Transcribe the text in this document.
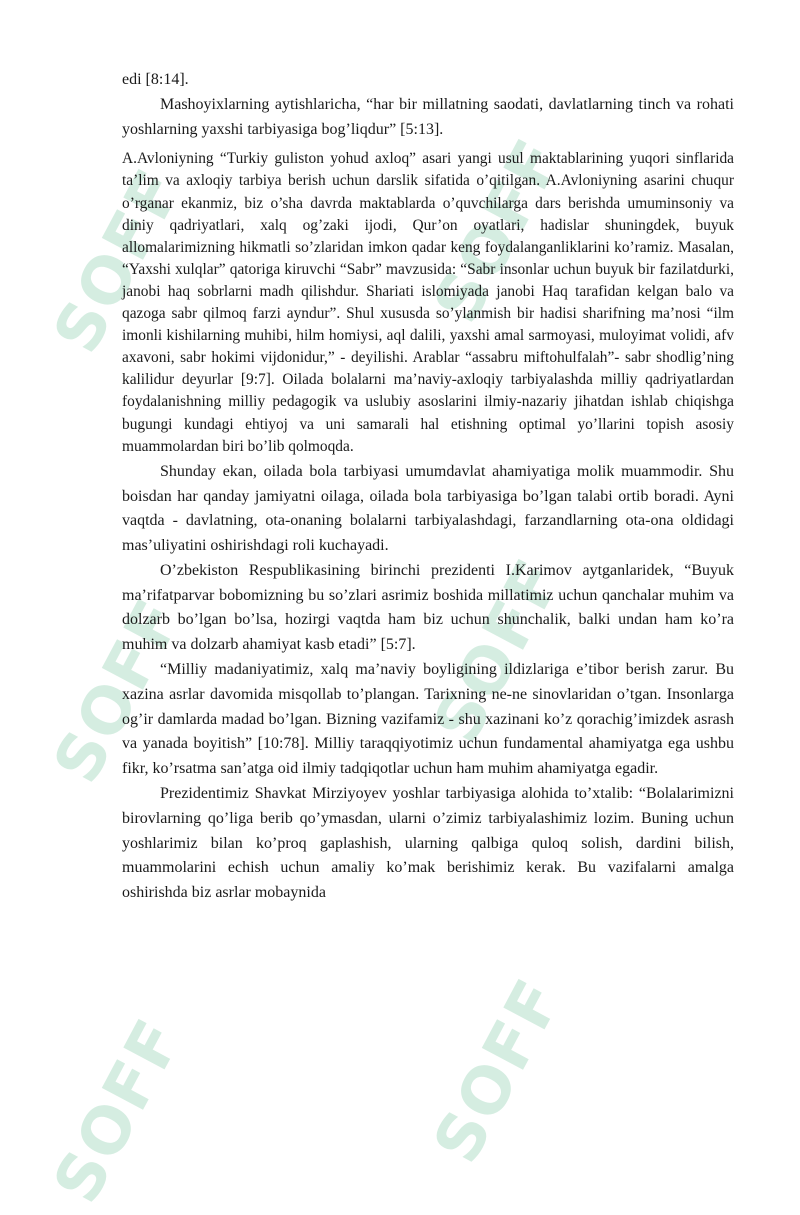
SOFF
SOFF
SOFF
SOFF
SOFF
SOFF

edi [8:14].

Mashoyixlarning aytishlaricha, “har bir millatning saodati, davlatlarning tinch va rohati yoshlarning yaxshi tarbiyasiga bog’liqdur” [5:13].

A.Avloniyning “Turkiy guliston yohud axloq” asari yangi usul maktablarining yuqori sinflarida ta’lim va axloqiy tarbiya berish uchun darslik sifatida o’qitilgan. A.Avloniyning asarini chuqur o’rganar ekanmiz, biz o’sha davrda maktablarda o’quvchilarga dars berishda umuminsoniy va diniy qadriyatlari, xalq og’zaki ijodi, Qur’on oyatlari, hadislar shuningdek, buyuk allomalarimizning hikmatli so’zlaridan imkon qadar keng foydalanganliklarini ko’ramiz. Masalan, “Yaxshi xulqlar” qatoriga kiruvchi “Sabr” mavzusida: “Sabr insonlar uchun buyuk bir fazilatdurki, janobi haq sobrlarni madh qilishdur. Shariati islomiyada janobi Haq tarafidan kelgan balo va qazoga sabr qilmoq farzi ayndur”. Shul xususda so’ylanmish bir hadisi sharifning ma’nosi “ilm imonli kishilarning muhibi, hilm homiysi, aql dalili, yaxshi amal sarmoyasi, muloyimat volidi, afv axavoni, sabr hokimi vijdonidur,” - deyilishi. Arablar “assabru miftohulfalah”- sabr shodlig’ning kalilidur deyurlar [9:7]. Oilada bolalarni ma’naviy-axloqiy tarbiyalashda milliy qadriyatlardan foydalanishning milliy pedagogik va uslubiy asoslarini ilmiy-nazariy jihatdan ishlab chiqishga bugungi kundagi ehtiyoj va uni samarali hal etishning optimal yo’llarini topish asosiy muammolardan biri bo’lib qolmoqda.

Shunday ekan, oilada bola tarbiyasi umumdavlat ahamiyatiga molik muammodir. Shu boisdan har qanday jamiyatni oilaga, oilada bola tarbiyasiga bo’lgan talabi ortib boradi. Ayni vaqtda - davlatning, ota-onaning bolalarni tarbiyalashdagi, farzandlarning ota-ona oldidagi mas’uliyatini oshirishdagi roli kuchayadi.

O’zbekiston Respublikasining birinchi prezidenti I.Karimov aytganlaridek, “Buyuk ma’rifatparvar bobomizning bu so’zlari asrimiz boshida millatimiz uchun qanchalar muhim va dolzarb bo’lgan bo’lsa, hozirgi vaqtda ham biz uchun shunchalik, balki undan ham ko’ra muhim va dolzarb ahamiyat kasb etadi” [5:7].

“Milliy madaniyatimiz, xalq ma’naviy boyligining ildizlariga e’tibor berish zarur. Bu xazina asrlar davomida misqollab to’plangan. Tarixning ne-ne sinovlaridan o’tgan. Insonlarga og’ir damlarda madad bo’lgan. Bizning vazifamiz - shu xazinani ko’z qorachig’imizdek asrash va yanada boyitish” [10:78]. Milliy taraqqiyotimiz uchun fundamental ahamiyatga ega ushbu fikr, ko’rsatma san’atga oid ilmiy tadqiqotlar uchun ham muhim ahamiyatga egadir.

Prezidentimiz Shavkat Mirziyoyev yoshlar tarbiyasiga alohida to’xtalib: “Bolalarimizni birovlarning qo’liga berib qo’ymasdan, ularni o’zimiz tarbiyalashimiz lozim. Buning uchun yoshlarimiz bilan ko’proq gaplashish, ularning qalbiga quloq solish, dardini bilish, muammolarini echish uchun amaliy ko’mak berishimiz kerak. Bu vazifalarni amalga oshirishda biz asrlar mobaynida
